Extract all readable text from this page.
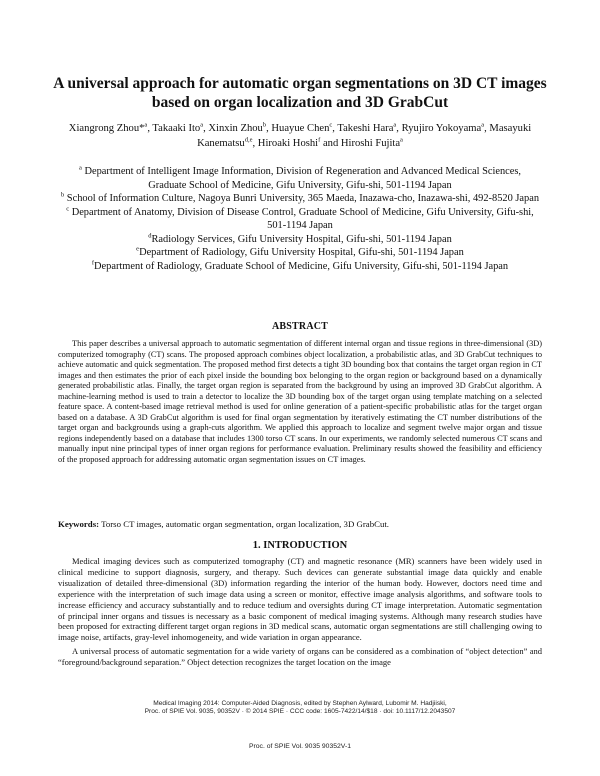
A universal approach for automatic organ segmentations on 3D CT images based on organ localization and 3D GrabCut
Xiangrong Zhou*$^a$, Takaaki Ito$^a$, Xinxin Zhou$^b$, Huayue Chen$^c$, Takeshi Hara$^a$, Ryujiro Yokoyama$^a$, Masayuki Kanematsu$^{d,e}$, Hiroaki Hoshi$^f$ and Hiroshi Fujita$^a$

$^a$ Department of Intelligent Image Information, Division of Regeneration and Advanced Medical Sciences, Graduate School of Medicine, Gifu University, Gifu-shi, 501-1194 Japan

$^b$ School of Information Culture, Nagoya Bunri University, 365 Maeda, Inazawa-cho, Inazawa-shi, 492-8520 Japan

$^c$ Department of Anatomy, Division of Disease Control, Graduate School of Medicine, Gifu University, Gifu-shi, 501-1194 Japan

$^d$Radiology Services, Gifu University Hospital, Gifu-shi, 501-1194 Japan

$^e$Department of Radiology, Gifu University Hospital, Gifu-shi, 501-1194 Japan

$^f$Department of Radiology, Graduate School of Medicine, Gifu University, Gifu-shi, 501-1194 Japan

ABSTRACT
This paper describes a universal approach to automatic segmentation of different internal organ and tissue regions in three-dimensional (3D) computerized tomography (CT) scans. The proposed approach combines object localization, a probabilistic atlas, and 3D GrabCut techniques to achieve automatic and quick segmentation. The proposed method first detects a tight 3D bounding box that contains the target organ region in CT images and then estimates the prior of each pixel inside the bounding box belonging to the organ region or background based on a dynamically generated probabilistic atlas. Finally, the target organ region is separated from the background by using an improved 3D GrabCut algorithm. A machine-learning method is used to train a detector to localize the 3D bounding box of the target organ using template matching on a selected feature space. A content-based image retrieval method is used for online generation of a patient-specific probabilistic atlas for the target organ based on a database. A 3D GrabCut algorithm is used for final organ segmentation by iteratively estimating the CT number distributions of the target organ and backgrounds using a graph-cuts algorithm. We applied this approach to localize and segment twelve major organ and tissue regions independently based on a database that includes 1300 torso CT scans. In our experiments, we randomly selected numerous CT scans and manually input nine principal types of inner organ regions for performance evaluation. Preliminary results showed the feasibility and efficiency of the proposed approach for addressing automatic organ segmentation issues on CT images.
Keywords: Torso CT images, automatic organ segmentation, organ localization, 3D GrabCut.
1. INTRODUCTION

Medical imaging devices such as computerized tomography (CT) and magnetic resonance (MR) scanners have been widely used in clinical medicine to support diagnosis, surgery, and therapy. Such devices can generate substantial image data quickly and enable visualization of detailed three-dimensional (3D) information regarding the interior of the human body. However, doctors need time and experience with the interpretation of such image data using a screen or monitor, effective image analysis algorithms, and software tools to increase efficiency and accuracy substantially and to reduce tedium and oversights during CT image interpretation. Automatic segmentation of principal inner organs and tissues is necessary as a basic component of medical imaging systems. Although many research studies have been proposed for extracting different target organ regions in 3D medical scans, automatic organ segmentations are still challenging owing to image noise, artifacts, gray-level inhomogeneity, and wide variation in organ appearance.

A universal process of automatic segmentation for a wide variety of organs can be considered as a combination of “object detection” and “foreground/background separation.” Object detection recognizes the target location on the image

Medical Imaging 2014: Computer-Aided Diagnosis, edited by Stephen Aylward, Lubomir M. Hadjiiski,
Proc. of SPIE Vol. 9035, 90352V · © 2014 SPIE · CCC code: 1605-7422/14/$18 · doi: 10.1117/12.2043507
Proc. of SPIE Vol. 9035 90352V-1
